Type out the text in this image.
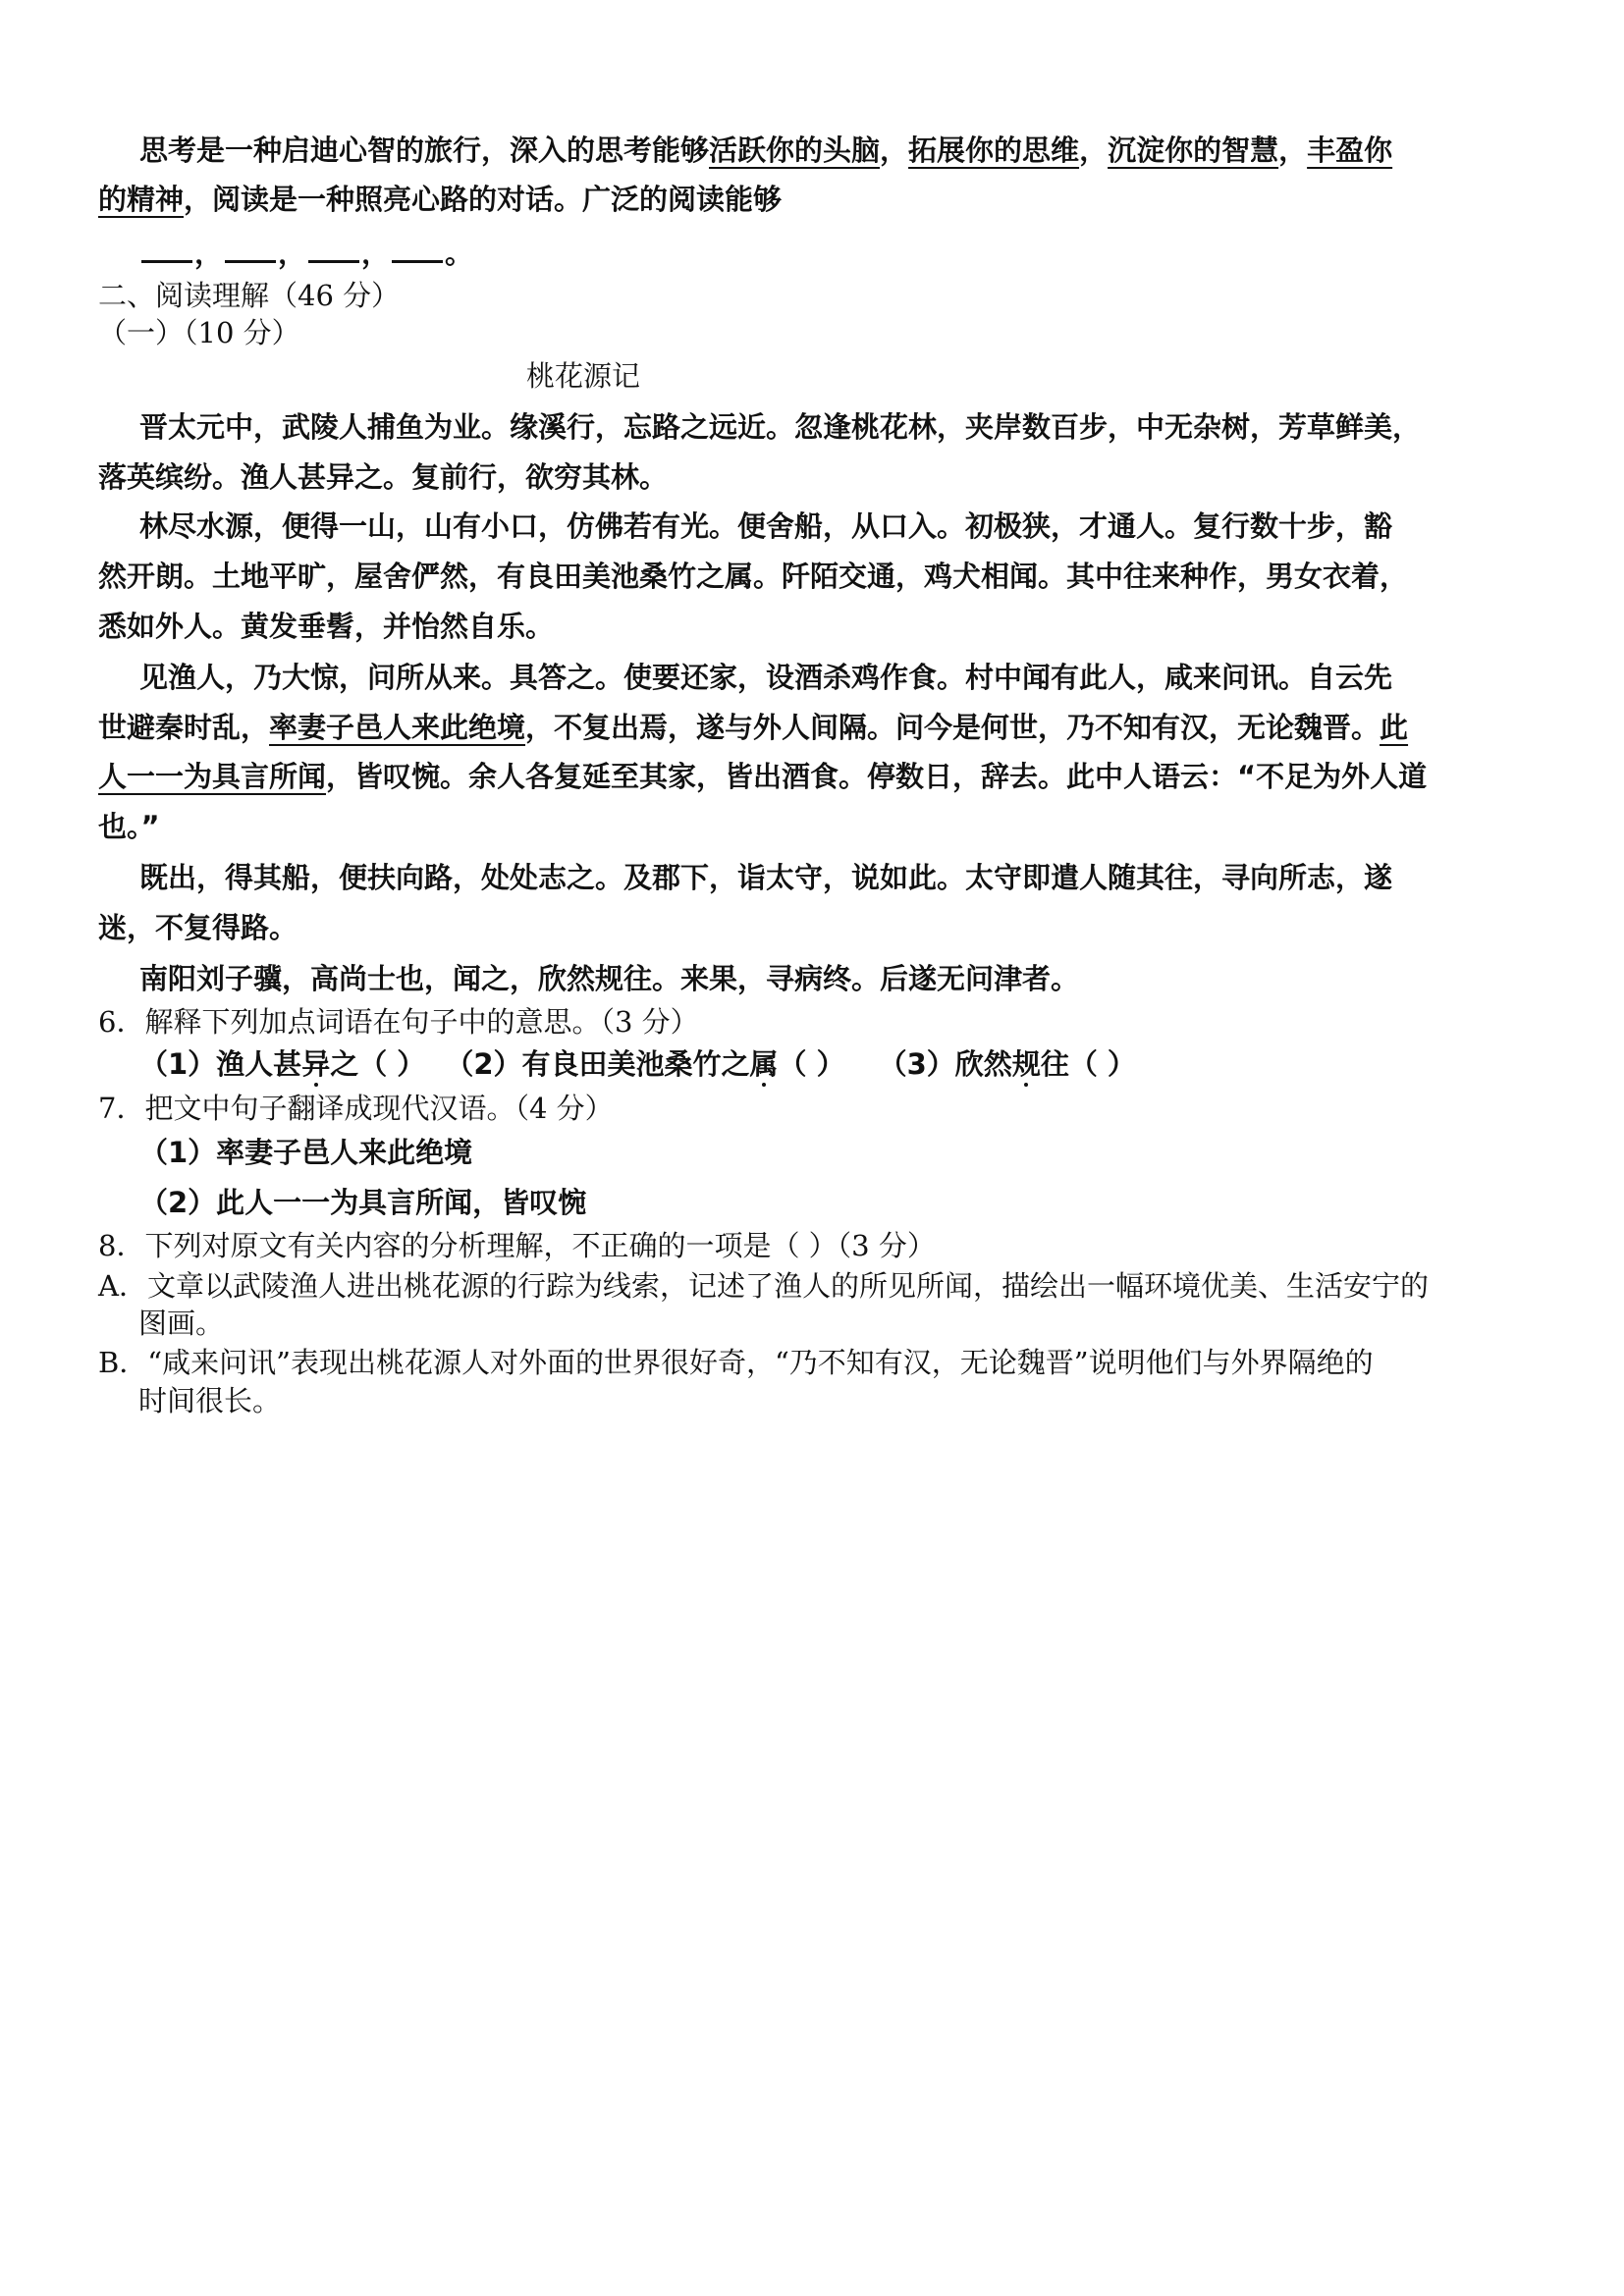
思考是一种启迪心智的旅行，深入的思考能够活跃你的头脑，拓展你的思维，沉淀你的智慧，丰盈你
的精神，阅读是一种照亮心路的对话。广泛的阅读能够
， ， ， 。
二、阅读理解（46 分）
（一）（10 分）
桃花源记
晋太元中，武陵人捕鱼为业。缘溪行，忘路之远近。忽逢桃花林，夹岸数百步，中无杂树，芳草鲜美，
落英缤纷。渔人甚异之。复前行，欲穷其林。
林尽水源，便得一山，山有小口，仿佛若有光。便舍船，从口入。初极狭，才通人。复行数十步，豁
然开朗。土地平旷，屋舍俨然，有良田美池桑竹之属。阡陌交通，鸡犬相闻。其中往来种作，男女衣着，
悉如外人。黄发垂髫，并怡然自乐。
见渔人，乃大惊，问所从来。具答之。使要还家，设酒杀鸡作食。村中闻有此人，咸来问讯。自云先
世避秦时乱，率妻子邑人来此绝境，不复出焉，遂与外人间隔。问今是何世，乃不知有汉，无论魏晋。此
人一一为具言所闻，皆叹惋。余人各复延至其家，皆出酒食。停数日，辞去。此中人语云：“不足为外人道
也。”
既出，得其船，便扶向路，处处志之。及郡下，诣太守，说如此。太守即遣人随其往，寻向所志，遂
迷，不复得路。
南阳刘子骥，高尚士也，闻之，欣然规往。来果，寻病终。后遂无问津者。
6．解释下列加点词语在句子中的意思。（3 分）
（1）渔人甚异之（ ） （2）有良田美池桑竹之属（ ） （3）欣然规往（ ）
7．把文中句子翻译成现代汉语。（4 分）
（1）率妻子邑人来此绝境
（2）此人一一为具言所闻，皆叹惋
8．下列对原文有关内容的分析理解，不正确的一项是（ ）（3 分）
A．文章以武陵渔人进出桃花源的行踪为线索，记述了渔人的所见所闻，描绘出一幅环境优美、生活安宁的
图画。
B．“咸来问讯”表现出桃花源人对外面的世界很好奇，“乃不知有汉，无论魏晋”说明他们与外界隔绝的
时间很长。
